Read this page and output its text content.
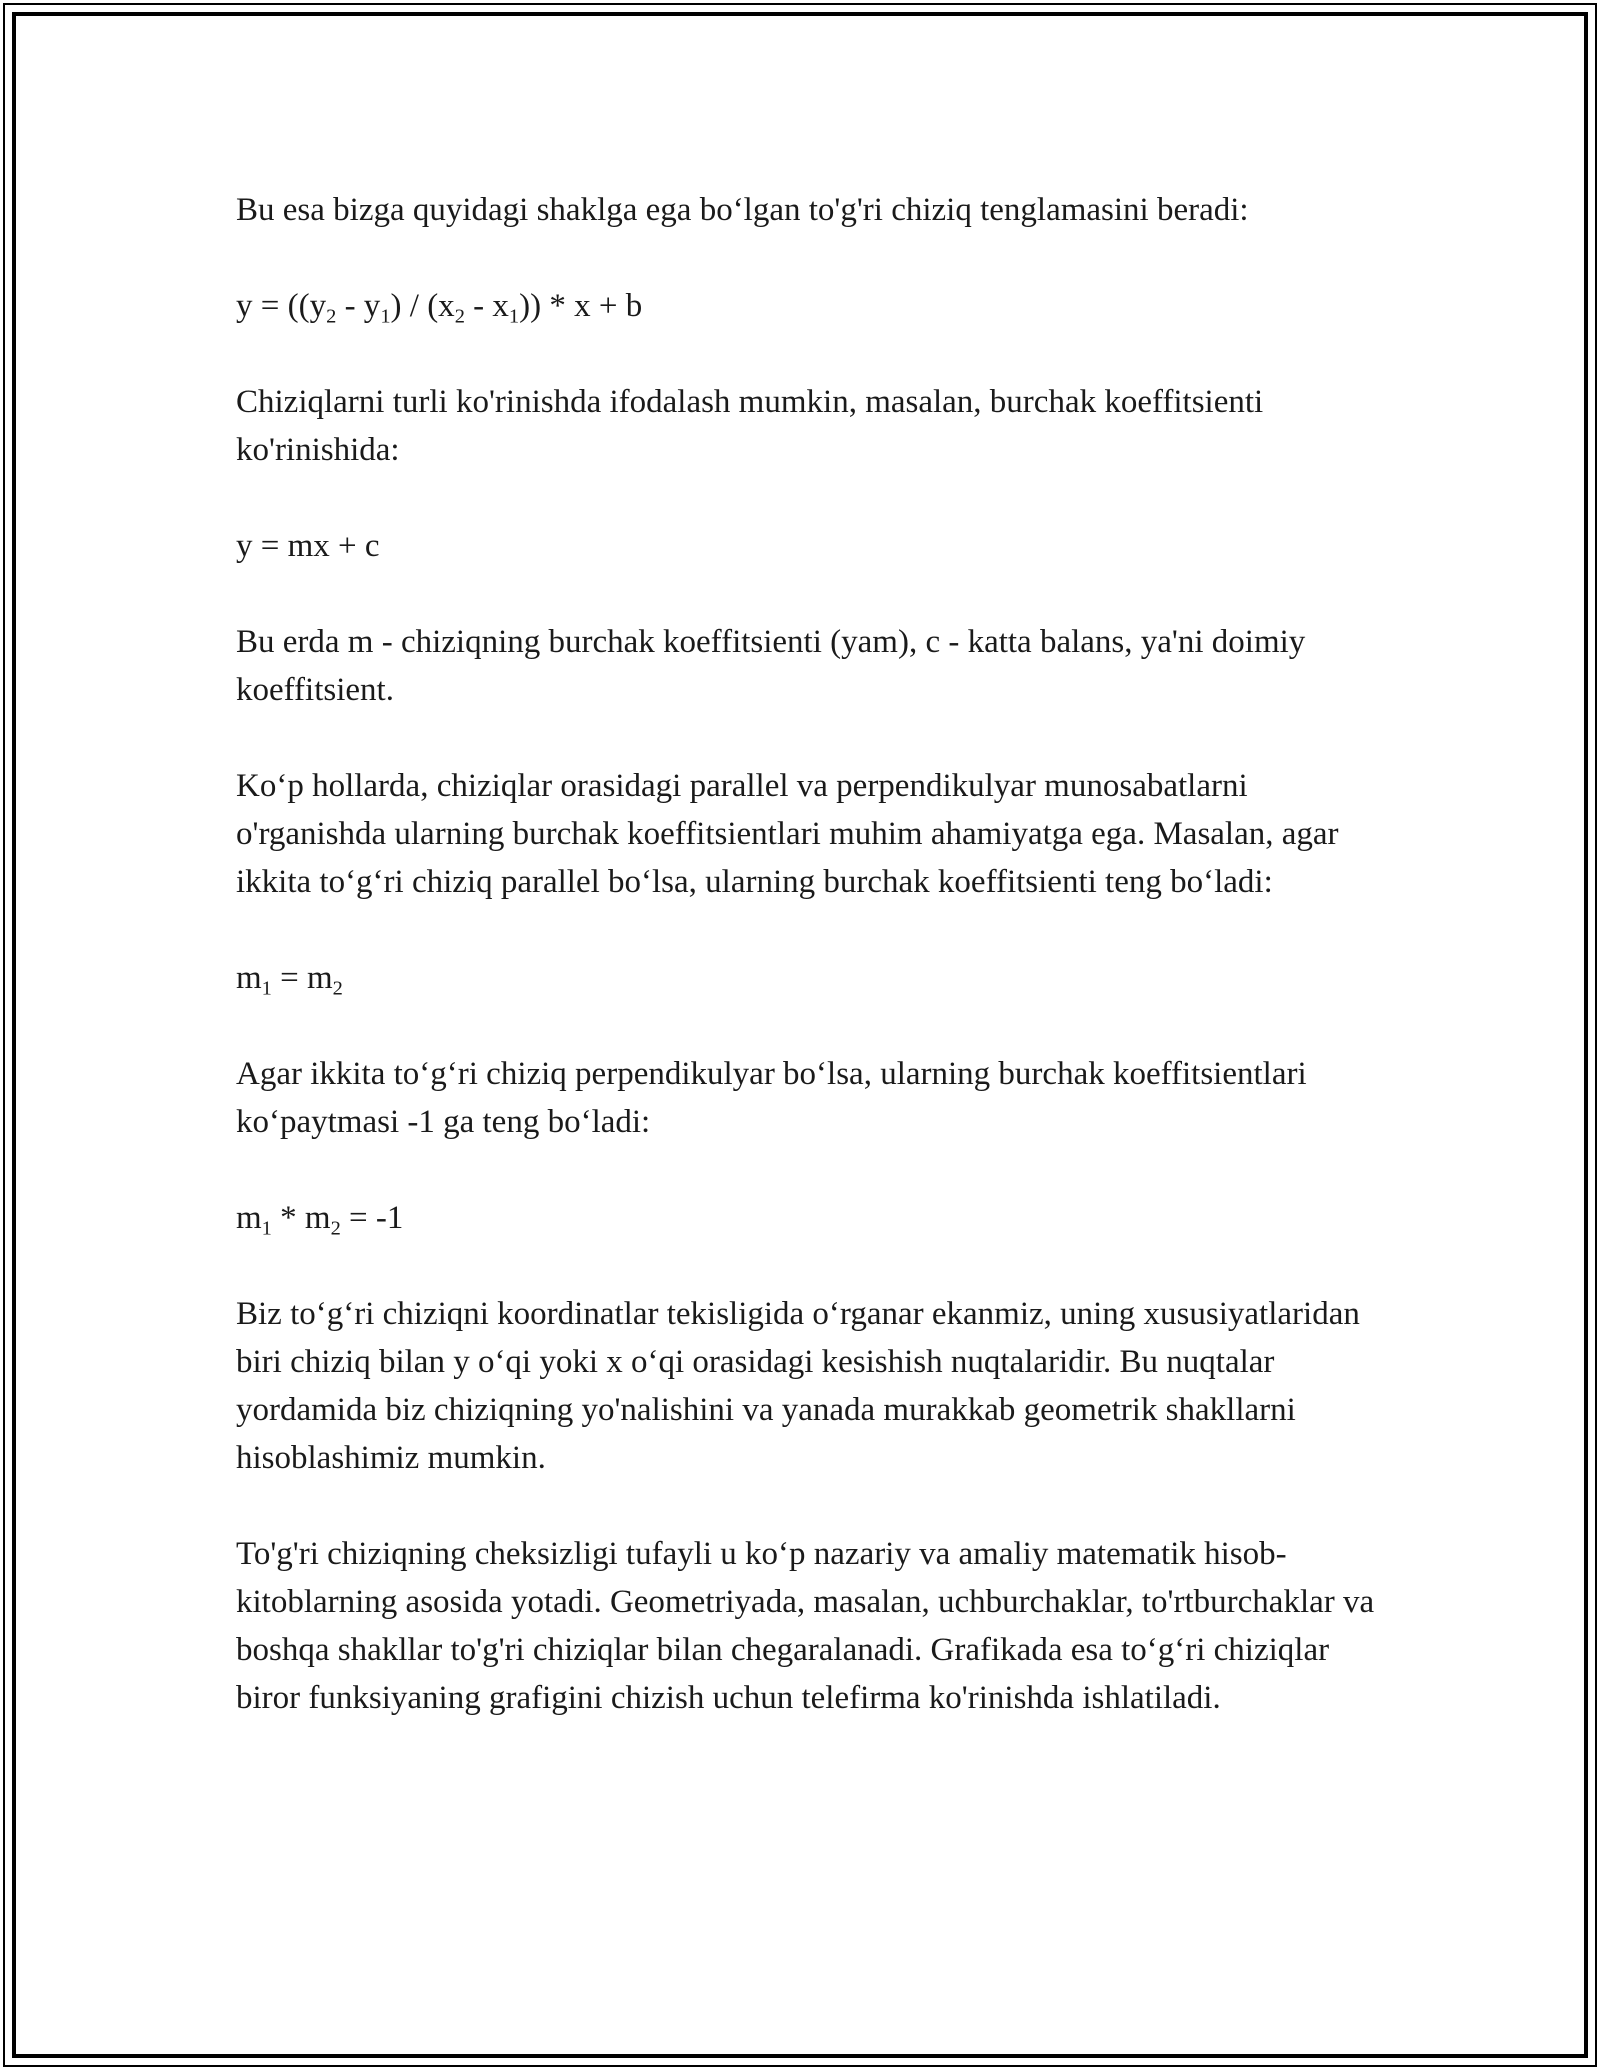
Bu esa bizga quyidagi shaklga ega bo‘lgan to'g'ri chiziq tenglamasini beradi:

$y = ((y_2 - y_1) / (x_2 - x_1)) * x + b$

Chiziqlarni turli ko'rinishda ifodalash mumkin, masalan, burchak koeffitsienti ko'rinishida:

y = mx + c

Bu erda m - chiziqning burchak koeffitsienti (yam), c - katta balans, ya'ni doimiy koeffitsient.

Ko‘p hollarda, chiziqlar orasidagi parallel va perpendikulyar munosabatlarni o'rganishda ularning burchak koeffitsientlari muhim ahamiyatga ega. Masalan, agar ikkita to‘g‘ri chiziq parallel bo‘lsa, ularning burchak koeffitsienti teng bo‘ladi:

$m_1 = m_2$

Agar ikkita to‘g‘ri chiziq perpendikulyar bo‘lsa, ularning burchak koeffitsientlari ko‘paytmasi -1 ga teng bo‘ladi:

$m_1 * m_2 = -1$

Biz to‘g‘ri chiziqni koordinatlar tekisligida o‘rganar ekanmiz, uning xususiyatlaridan biri chiziq bilan y o‘qi yoki x o‘qi orasidagi kesishish nuqtalaridir. Bu nuqtalar yordamida biz chiziqning yo'nalishini va yanada murakkab geometrik shakllarni hisoblashimiz mumkin.

To'g'ri chiziqning cheksizligi tufayli u ko‘p nazariy va amaliy matematik hisob-kitoblarning asosida yotadi. Geometriyada, masalan, uchburchaklar, to'rtburchaklar va boshqa shakllar to'g'ri chiziqlar bilan chegaralanadi. Grafikada esa to‘g‘ri chiziqlar biror funksiyaning grafigini chizish uchun telefirma ko'rinishda ishlatiladi.
